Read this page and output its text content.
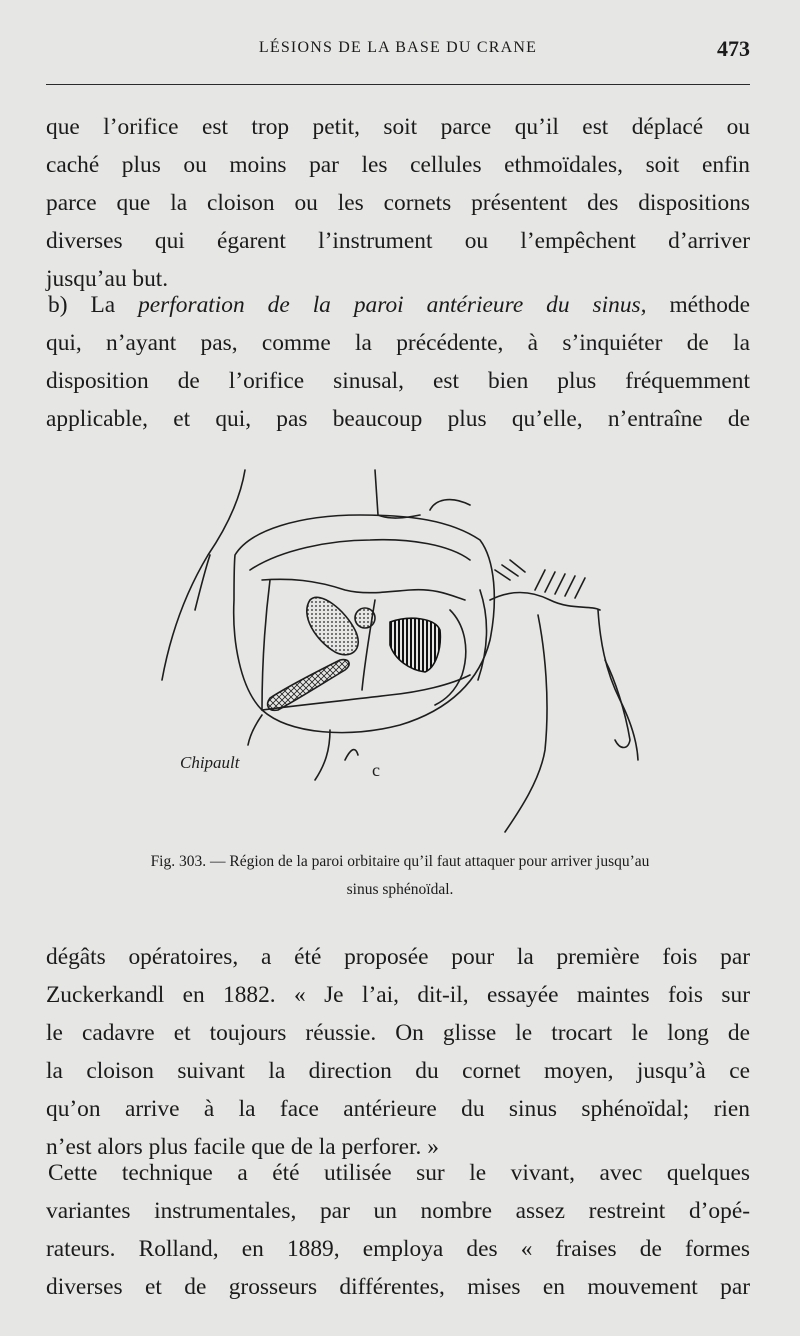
LÉSIONS DE LA BASE DU CRANE	473
que l’orifice est trop petit, soit parce qu’il est déplacé ou
caché plus ou moins par les cellules ethmoïdales, soit enfin
parce que la cloison ou les cornets présentent des dispositions
diverses qui égarent l’instrument ou l’empêchent d’arriver
jusqu’au but.
b) La perforation de la paroi antérieure du sinus, méthode
qui, n’ayant pas, comme la précédente, à s’inquiéter de la
disposition de l’orifice sinusal, est bien plus fréquemment
applicable, et qui, pas beaucoup plus qu’elle, n’entraîne de
Chipault	c
Fig. 303. — Région de la paroi orbitaire qu’il faut attaquer pour arriver jusqu’au
sinus sphénoïdal.
dégâts opératoires, a été proposée pour la première fois par
Zuckerkandl en 1882. « Je l’ai, dit-il, essayée maintes fois sur
le cadavre et toujours réussie. On glisse le trocart le long de
la cloison suivant la direction du cornet moyen, jusqu’à ce
qu’on arrive à la face antérieure du sinus sphénoïdal; rien
n’est alors plus facile que de la perforer. »
Cette technique a été utilisée sur le vivant, avec quelques
variantes instrumentales, par un nombre assez restreint d’opé-
rateurs. Rolland, en 1889, employa des « fraises de formes
diverses et de grosseurs différentes, mises en mouvement par
